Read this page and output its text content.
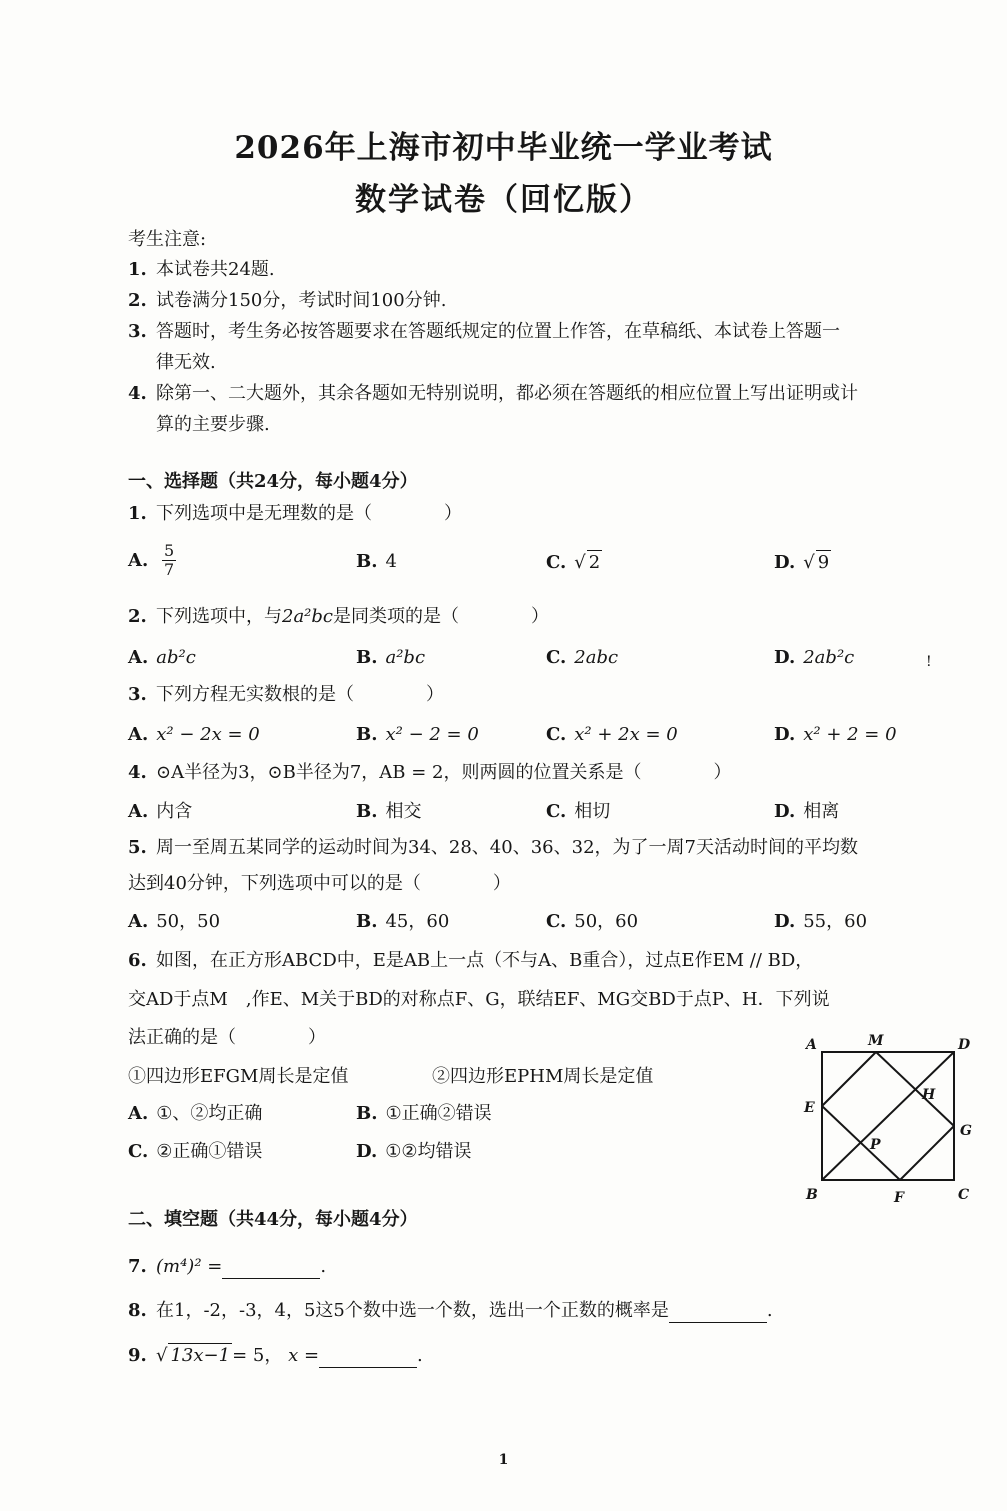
2026年上海市初中毕业统一学业考试
数学试卷（回忆版）
考生注意:
1. 本试卷共24题.
2. 试卷满分150分，考试时间100分钟.
3. 答题时，考生务必按答题要求在答题纸规定的位置上作答，在草稿纸、本试卷上答题一
律无效.
4. 除第一、二大题外，其余各题如无特别说明，都必须在答题纸的相应位置上写出证明或计
算的主要步骤.
一、选择题（共24分，每小题4分）
1. 下列选项中是无理数的是（　　　　）
A. $\frac{5}{7}$	B. 4	C. √ 2	D. √ 9
2. 下列选项中，与2a²bc是同类项的是（　　　　）
A. ab²c	B. a²bc	C. 2abc	D. 2ab²c	!
3. 下列方程无实数根的是（　　　　）
A. x² − 2x = 0	B. x² − 2 = 0	C. x² + 2x = 0	D. x² + 2 = 0
4. ⊙A半径为3，⊙B半径为7，AB = 2，则两圆的位置关系是（　　　　）
A. 内含	B. 相交	C. 相切	D. 相离
5. 周一至周五某同学的运动时间为34、28、40、36、32，为了一周7天活动时间的平均数
达到40分钟，下列选项中可以的是（　　　　）
A. 50，50	B. 45，60	C. 50，60	D. 55，60
6. 如图，在正方形ABCD中，E是AB上一点（不与A、B重合），过点E作EM // BD，
交AD于点M　,作E、M关于BD的对称点F、G，联结EF、MG交BD于点P、H．下列说
法正确的是（　　　　）
①四边形EFGM周长是定值	②四边形EPHM周长是定值
A. ①、②均正确	B. ①正确②错误
C. ②正确①错误	D. ①②均错误
A	M	D
E
H
G
P
B	F	C
二、填空题（共44分，每小题4分）
7. (m⁴)² =	.
8. 在1，-2，-3，4，5这5个数中选一个数，选出一个正数的概率是	.
9. √ 13x−1 = 5， x =	.
1
